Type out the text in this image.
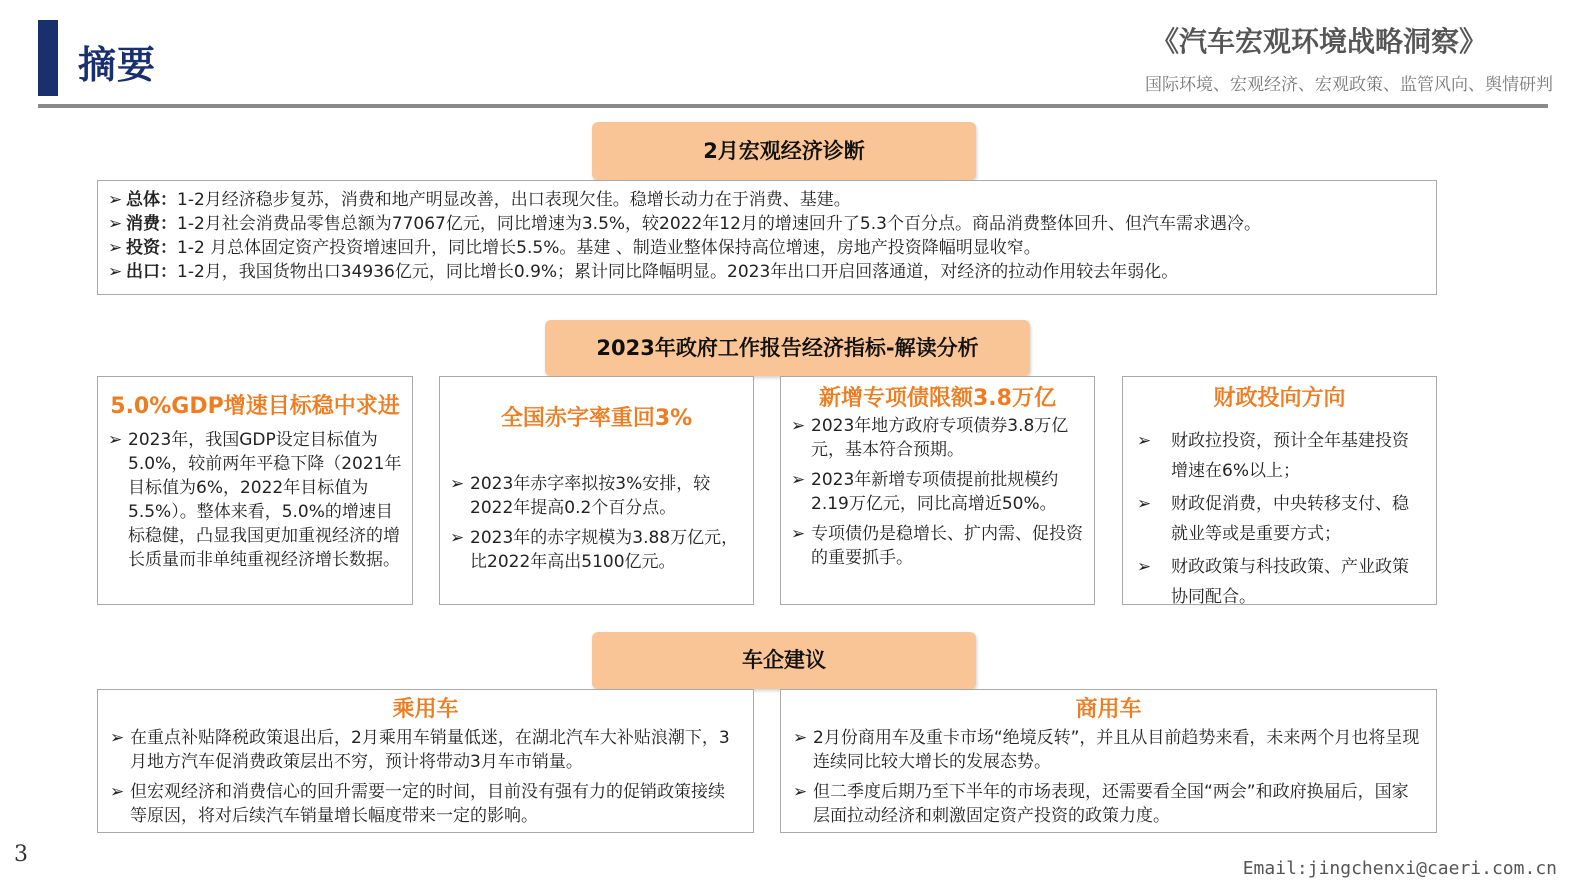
摘要
《汽车宏观环境战略洞察》
国际环境、宏观经济、宏观政策、监管风向、舆情研判
2月宏观经济诊断
➢ 总体：1-2月经济稳步复苏，消费和地产明显改善，出口表现欠佳。稳增长动力在于消费、基建。
➢ 消费：1-2月社会消费品零售总额为77067亿元，同比增速为3.5%，较2022年12月的增速回升了5.3个百分点。商品消费整体回升、但汽车需求遇冷。
➢ 投资：1-2 月总体固定资产投资增速回升，同比增长5.5%。基建 、制造业整体保持高位增速，房地产投资降幅明显收窄。
➢ 出口：1-2月，我国货物出口34936亿元，同比增长0.9%；累计同比降幅明显。2023年出口开启回落通道，对经济的拉动作用较去年弱化。
2023年政府工作报告经济指标-解读分析
5.0%GDP增速目标稳中求进
➢ 2023年，我国GDP设定目标值为5.0%，较前两年平稳下降（2021年目标值为6%，2022年目标值为5.5%）。整体来看，5.0%的增速目标稳健，凸显我国更加重视经济的增长质量而非单纯重视经济增长数据。
全国赤字率重回3%
➢ 2023年赤字率拟按3%安排，较2022年提高0.2个百分点。
➢ 2023年的赤字规模为3.88万亿元，比2022年高出5100亿元。
新增专项债限额3.8万亿
➢ 2023年地方政府专项债券3.8万亿元，基本符合预期。
➢ 2023年新增专项债提前批规模约2.19万亿元，同比高增近50%。
➢ 专项债仍是稳增长、扩内需、促投资的重要抓手。
财政投向方向
➢	财政拉投资，预计全年基建投资增速在6%以上；
➢	财政促消费，中央转移支付、稳就业等或是重要方式；
➢	财政政策与科技政策、产业政策协同配合。
车企建议
乘用车
➢ 在重点补贴降税政策退出后，2月乘用车销量低迷，在湖北汽车大补贴浪潮下，3月地方汽车促消费政策层出不穷，预计将带动3月车市销量。
➢ 但宏观经济和消费信心的回升需要一定的时间，目前没有强有力的促销政策接续等原因，将对后续汽车销量增长幅度带来一定的影响。
商用车
➢ 2月份商用车及重卡市场“绝境反转”，并且从目前趋势来看，未来两个月也将呈现连续同比较大增长的发展态势。
➢ 但二季度后期乃至下半年的市场表现，还需要看全国“两会”和政府换届后，国家层面拉动经济和刺激固定资产投资的政策力度。
3
Email:jingchenxi@caeri.com.cn
